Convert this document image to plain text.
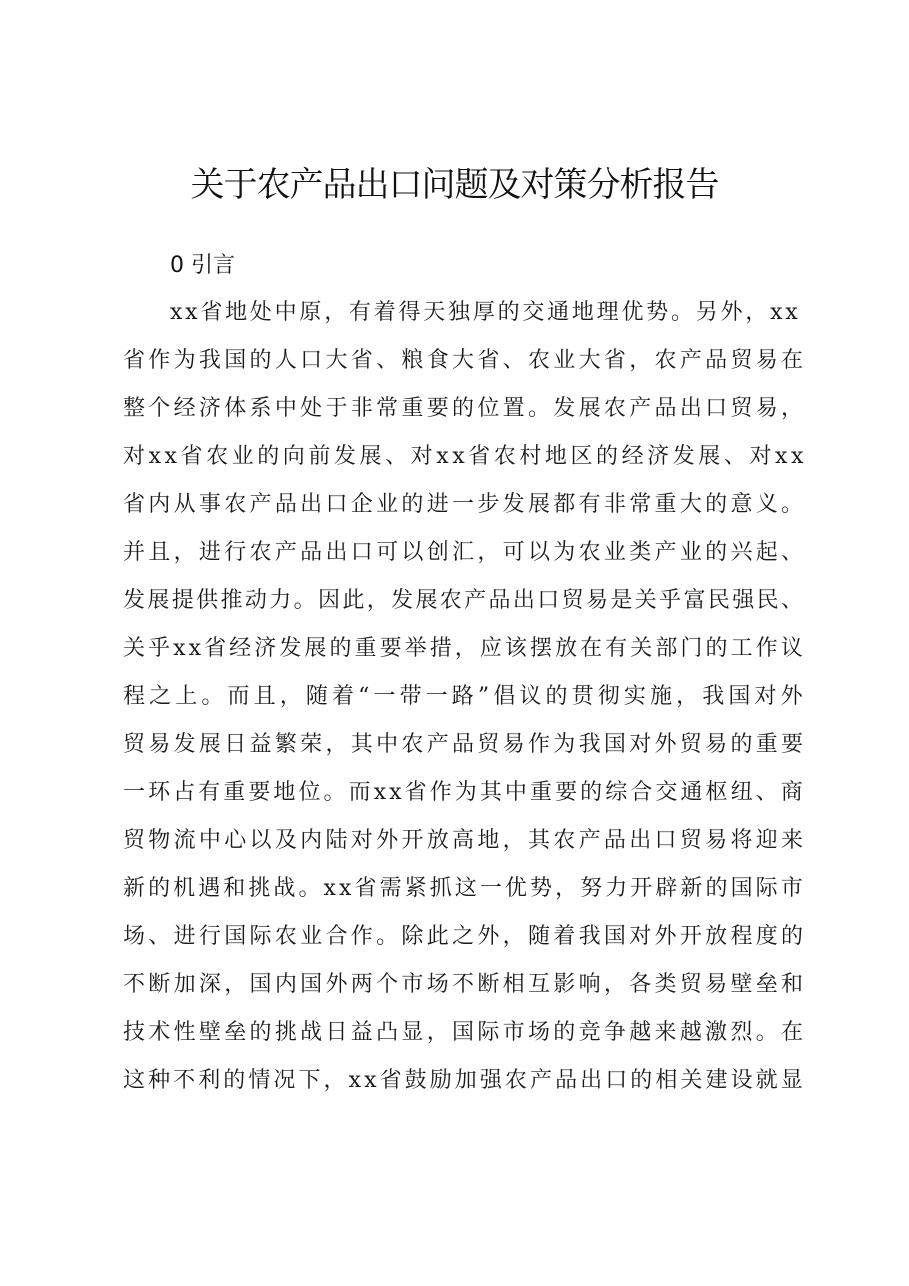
关于农产品出口问题及对策分析报告
0 引言
xx省地处中原，有着得天独厚的交通地理优势。另外，xx
省作为我国的人口大省、粮食大省、农业大省，农产品贸易在
整个经济体系中处于非常重要的位置。发展农产品出口贸易，
对xx省农业的向前发展、对xx省农村地区的经济发展、对xx
省内从事农产品出口企业的进一步发展都有非常重大的意义。
并且，进行农产品出口可以创汇，可以为农业类产业的兴起、
发展提供推动力。因此，发展农产品出口贸易是关乎富民强民、
关乎xx省经济发展的重要举措，应该摆放在有关部门的工作议
程之上。而且，随着“一带一路”倡议的贯彻实施，我国对外
贸易发展日益繁荣，其中农产品贸易作为我国对外贸易的重要
一环占有重要地位。而xx省作为其中重要的综合交通枢纽、商
贸物流中心以及内陆对外开放高地，其农产品出口贸易将迎来
新的机遇和挑战。xx省需紧抓这一优势，努力开辟新的国际市
场、进行国际农业合作。除此之外，随着我国对外开放程度的
不断加深，国内国外两个市场不断相互影响，各类贸易壁垒和
技术性壁垒的挑战日益凸显，国际市场的竞争越来越激烈。在
这种不利的情况下，xx省鼓励加强农产品出口的相关建设就显
